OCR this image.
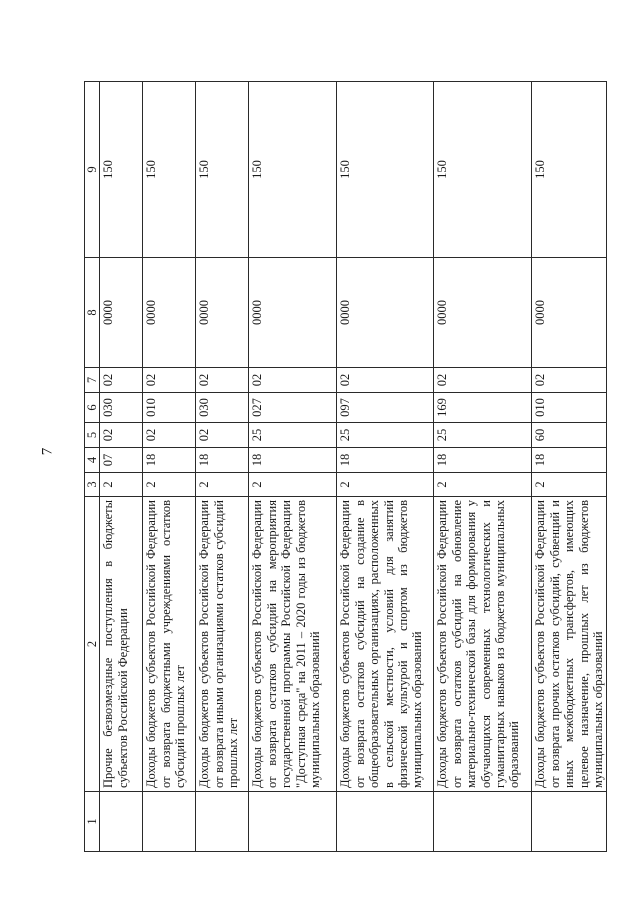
7
1	2	3	4	5	6	7	8	9
	Прочие безвозмездные поступления в бюджеты субъектов Российской Федерации	2	07	02	030	02	0000	150
	Доходы бюджетов субъектов Российской Федерации от возврата бюджетными учреждениями остатков субсидий прошлых лет	2	18	02	010	02	0000	150
	Доходы бюджетов субъектов Российской Федерации от возврата иными организациями остатков субсидий прошлых лет	2	18	02	030	02	0000	150
	Доходы бюджетов субъектов Российской Федерации от возврата остатков субсидий на мероприятия государственной программы Российской Федерации "Доступная среда" на 2011 – 2020 годы из бюджетов муниципальных образований	2	18	25	027	02	0000	150
	Доходы бюджетов субъектов Российской Федерации от возврата остатков субсидий на создание в общеобразовательных организациях, расположенных в сельской местности, условий для занятий физической культурой и спортом из бюджетов муниципальных образований	2	18	25	097	02	0000	150
	Доходы бюджетов субъектов Российской Федерации от возврата остатков субсидий на обновление материально-технической базы для формирования у обучающихся современных технологических и гуманитарных навыков из бюджетов муниципальных образований	2	18	25	169	02	0000	150
	Доходы бюджетов субъектов Российской Федерации от возврата прочих остатков субсидий, субвенций и иных межбюджетных трансфертов, имеющих целевое назначение, прошлых лет из бюджетов муниципальных образований	2	18	60	010	02	0000	150
